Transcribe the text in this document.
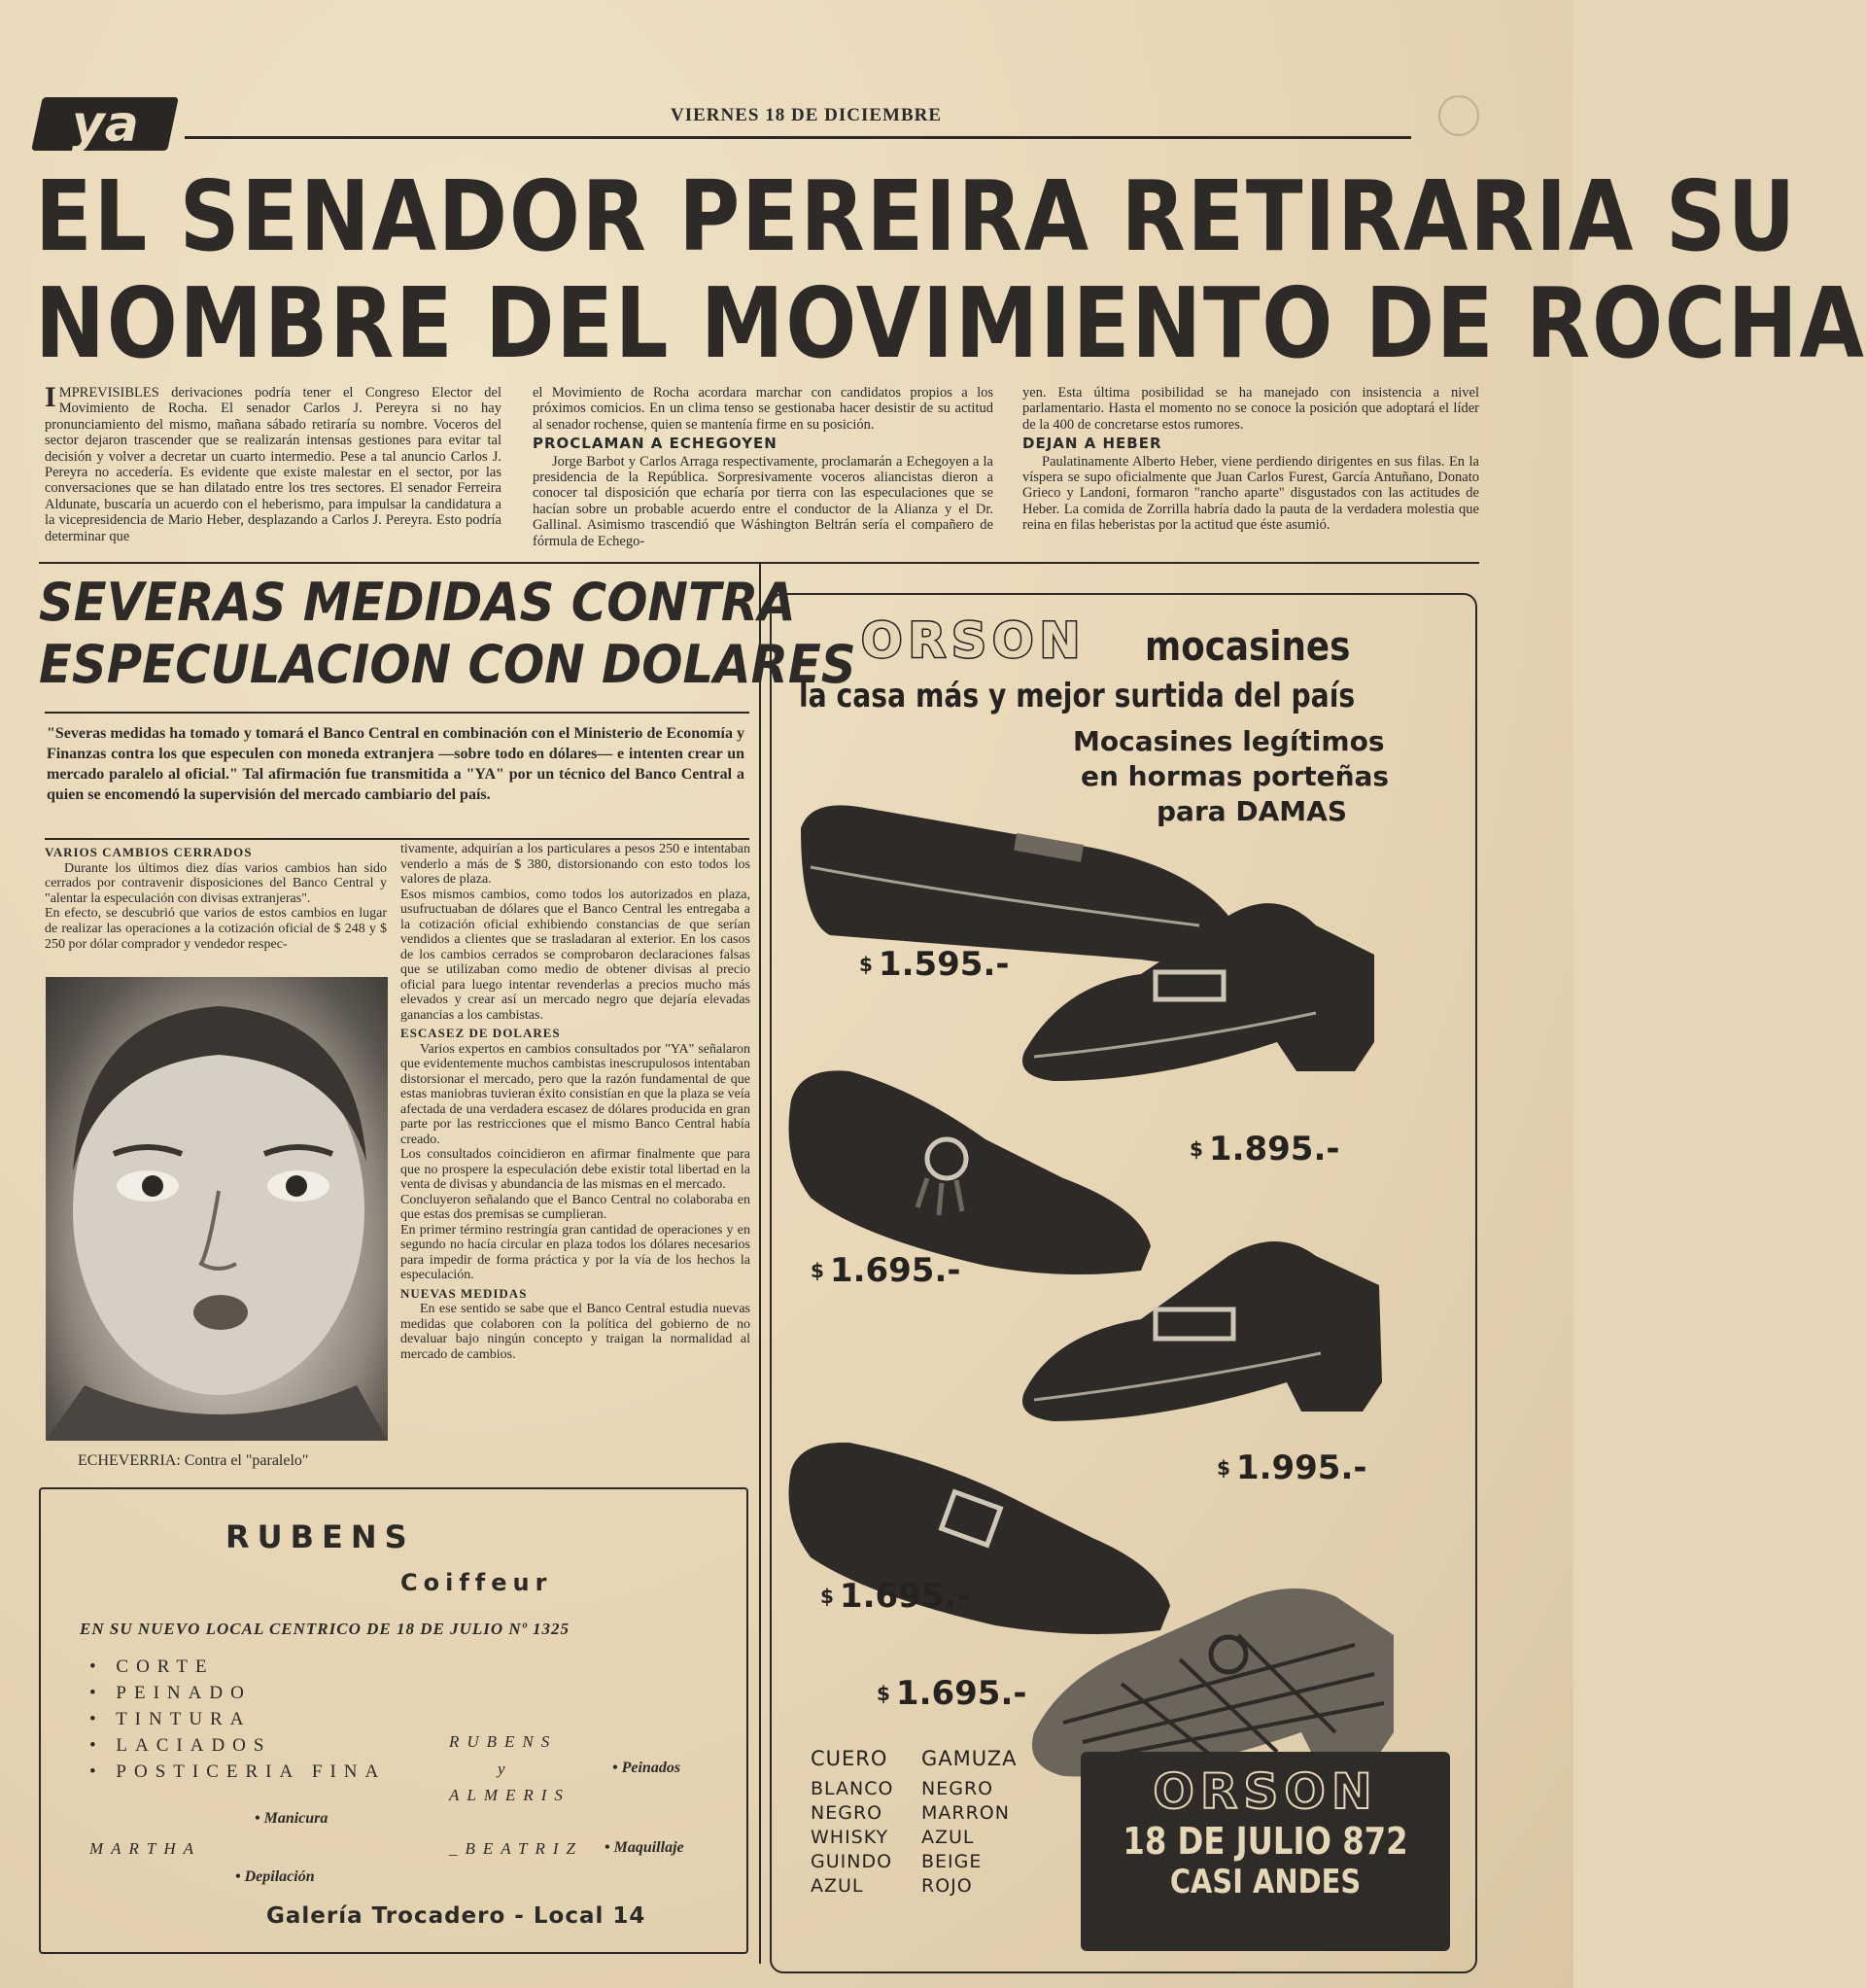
ya	VIERNES 18 DE DICIEMBRE
EL SENADOR PEREIRA RETIRARIA SU
NOMBRE DEL MOVIMIENTO DE ROCHA
IMPREVISIBLES derivaciones podría tener el Congreso Elector del Movimiento de Rocha. El senador Carlos J. Pereyra si no hay pronunciamiento del mismo, mañana sábado retiraría su nombre. Voceros del sector dejaron trascender que se realizarán intensas gestiones para evitar tal decisión y volver a decretar un cuarto intermedio. Pese a tal anuncio Carlos J. Pereyra no accedería. Es evidente que existe malestar en el sector, por las conversaciones que se han dilatado entre los tres sectores. El senador Ferreira Aldunate, buscaría un acuerdo con el heberismo, para impulsar la candidatura a la vicepresidencia de Mario Heber, desplazando a Carlos J. Pereyra. Esto podría determinar que
el Movimiento de Rocha acordara marchar con candidatos propios a los próximos comicios. En un clima tenso se gestionaba hacer desistir de su actitud al senador rochense, quien se mantenía firme en su posición.
PROCLAMAN A ECHEGOYEN

Jorge Barbot y Carlos Arraga respectivamente, proclamarán a Echegoyen a la presidencia de la República. Sorpresivamente voceros aliancistas dieron a conocer tal disposición que echaría por tierra con las especulaciones que se hacían sobre un probable acuerdo entre el conductor de la Alianza y el Dr. Gallinal. Asimismo trascendió que Wáshington Beltrán sería el compañero de fórmula de Echego-

yen. Esta última posibilidad se ha manejado con insistencia a nivel parlamentario. Hasta el momento no se conoce la posición que adoptará el líder de la 400 de concretarse estos rumores.
DEJAN A HEBER

Paulatinamente Alberto Heber, viene perdiendo dirigentes en sus filas. En la víspera se supo oficialmente que Juan Carlos Furest, García Antuñano, Donato Grieco y Landoni, formaron "rancho aparte" disgustados con las actitudes de Heber. La comida de Zorrilla habría dado la pauta de la verdadera molestia que reina en filas heberistas por la actitud que éste asumió.

SEVERAS MEDIDAS CONTRA
ESPECULACION CON DOLARES
"Severas medidas ha tomado y tomará el Banco Central en combinación con el Ministerio de Economía y Finanzas contra los que especulen con moneda extranjera —sobre todo en dólares— e intenten crear un mercado paralelo al oficial." Tal afirmación fue transmitida a "YA" por un técnico del Banco Central a quien se encomendó la supervisión del mercado cambiario del país.
VARIOS CAMBIOS CERRADOS

Durante los últimos diez días varios cambios han sido cerrados por contravenir disposiciones del Banco Central y "alentar la especulación con divisas extranjeras".
En efecto, se descubrió que varios de estos cambios en lugar de realizar las operaciones a la cotización oficial de $ 248 y $ 250 por dólar comprador y vendedor respec-

ECHEVERRIA: Contra el "paralelo"

tivamente, adquirían a los particulares a pesos 250 e intentaban venderlo a más de $ 380, distorsionando con esto todos los valores de plaza.
Esos mismos cambios, como todos los autorizados en plaza, usufructuaban de dólares que el Banco Central les entregaba a la cotización oficial exhibiendo constancias de que serían vendidos a clientes que se trasladaran al exterior. En los casos de los cambios cerrados se comprobaron declaraciones falsas que se utilizaban como medio de obtener divisas al precio oficial para luego intentar revenderlas a precios mucho más elevados y crear así un mercado negro que dejaría elevadas ganancias a los cambistas.

ESCASEZ DE DOLARES

Varios expertos en cambios consultados por "YA" señalaron que evidentemente muchos cambistas inescrupulosos intentaban distorsionar el mercado, pero que la razón fundamental de que estas maniobras tuvieran éxito consistían en que la plaza se veía afectada de una verdadera escasez de dólares producida en gran parte por las restricciones que el mismo Banco Central había creado.
Los consultados coincidieron en afirmar finalmente que para que no prospere la especulación debe existir total libertad en la venta de divisas y abundancia de las mismas en el mercado.
Concluyeron señalando que el Banco Central no colaboraba en que estas dos premisas se cumplieran.
En primer término restringía gran cantidad de operaciones y en segundo no hacía circular en plaza todos los dólares necesarios para impedir de forma práctica y por la vía de los hechos la especulación.

NUEVAS MEDIDAS

En ese sentido se sabe que el Banco Central estudia nuevas medidas que colaboren con la política del gobierno de no devaluar bajo ningún concepto y traigan la normalidad al mercado de cambios.

RUBENS
Coiffeur
EN SU NUEVO LOCAL CENTRICO DE 18 DE JULIO Nº 1325
• CORTE
• PEINADO
• TINTURA
• LACIADOS
• POSTICERIA FINA
• Manicura
MARTHA
• Depilación
RUBENS
y
ALMERIS
• Peinados
_BEATRIZ • Maquillaje
Galería Trocadero - Local 14
ORSON mocasines
la casa más y mejor surtida del país
Mocasines legítimos
en hormas porteñas
para DAMAS
$ 1.595.-
$ 1.895.-
$ 1.695.-
$ 1.995.-
$ 1.695.-
$ 1.695.-
CUERO
BLANCO
NEGRO
WHISKY
GUINDO
AZUL
GAMUZA
NEGRO
MARRON
AZUL
BEIGE
ROJO
ORSON
18 DE JULIO 872
CASI ANDES
